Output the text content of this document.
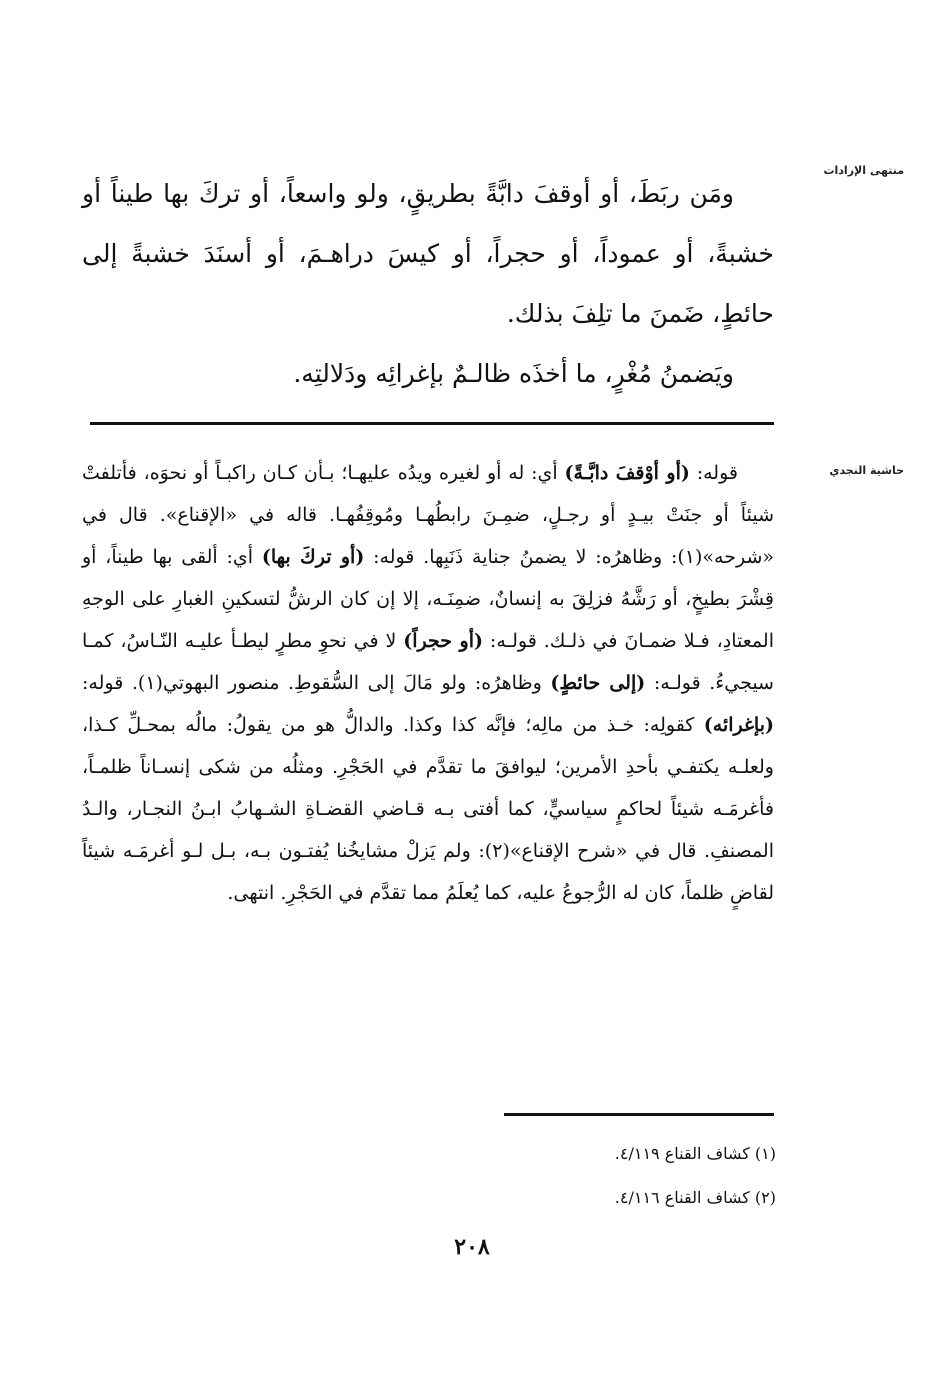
منتهى الإرادات
حاشية النجدي

ومَن ربَطَ، أو أوقفَ دابَّةً بطريقٍ، ولو واسعاً، أو تركَ بها طيناً أو خشبةً، أو عموداً، أو حجراً، أو كيسَ دراهـمَ، أو أسنَدَ خشبةً إلى حائطٍ، ضَمنَ ما تلِفَ بذلك.

ويَضمنُ مُغْرٍ، ما أخذَه ظالـمٌ بإغرائِه ودَلالتِه.

قوله: (أو أوْقفَ دابَّـةً) أي: له أو لغيره ويدُه عليهـا؛ بـأن كـان راكبـاً أو نحوَه، فأتلفتْ شيئاً أو جنَتْ بيـدٍ أو رجـلٍ، ضمِـنَ رابطُهـا ومُوقِفُهـا. قاله في «الإقناع». قال في «شرحه»(١): وظاهرُه: لا يضمنُ جناية ذَنَبِها. قوله: (أو تركَ بها) أي: ألقى بها طيناً، أو قِشْرَ بطيخٍ، أو رَشَّهُ فزلِقَ به إنسانٌ، ضمِنَـه، إلا إن كان الرشُّ لتسكينِ الغبارِ على الوجهِ المعتادِ، فـلا ضمـانَ في ذلـك. قولـه: (أو حجراً) لا في نحوِ مطرٍ ليطـأ عليـه النّـاسُ، كمـا سيجيءُ. قولـه: (إلى حائطٍ) وظاهرُه: ولو مَالَ إلى السُّقوطِ. منصور البهوتي(١). قوله: (بإغرائه) كقولِه: خـذ من مالِه؛ فإنَّه كذا وكذا. والدالُّ هو من يقولُ: مالُه بمحـلِّ كـذا، ولعلـه يكتفـي بأحدِ الأمرين؛ ليوافقَ ما تقدَّم في الحَجْرِ. ومثلُه من شكى إنسـاناً ظلمـاً، فأغرمَـه شيئاً لحاكمٍ سياسيٍّ، كما أفتى بـه قـاضي القضـاةِ الشـهابُ ابـنُ النجـار، والـدُ المصنفِ. قال في «شرح الإقناع»(٢): ولم يَزلْ مشايخُنا يُفتـون بـه، بـل لـو أغرمَـه شيئاً لقاضٍ ظلماً، كان له الرُّجوعُ عليه، كما يُعلَمُ مما تقدَّم في الحَجْرِ. انتهى.

(١) كشاف القناع ٤/١١٩.
(٢) كشاف القناع ٤/١١٦.
٢٠٨
